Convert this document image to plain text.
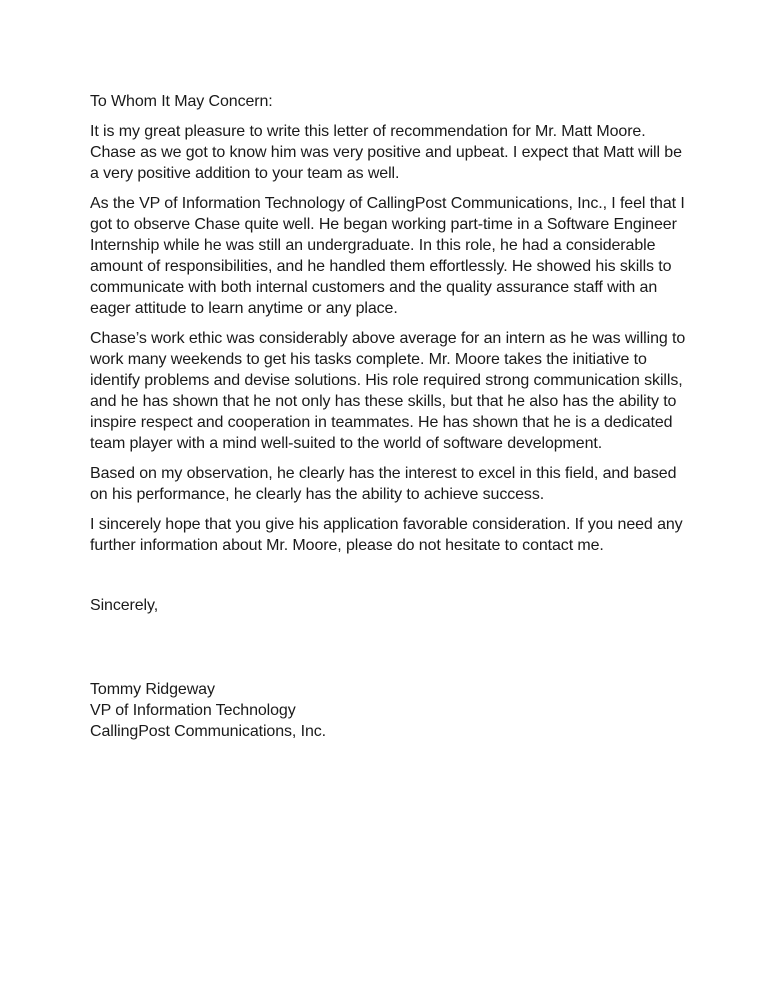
To Whom It May Concern:

It is my great pleasure to write this letter of recommendation for Mr. Matt Moore. Chase as we got to know him was very positive and upbeat. I expect that Matt will be a very positive addition to your team as well.

As the VP of Information Technology of CallingPost Communications, Inc., I feel that I got to observe Chase quite well. He began working part-time in a Software Engineer Internship while he was still an undergraduate. In this role, he had a considerable amount of responsibilities, and he handled them effortlessly. He showed his skills to communicate with both internal customers and the quality assurance staff with an eager attitude to learn anytime or any place.

Chase’s work ethic was considerably above average for an intern as he was willing to work many weekends to get his tasks complete. Mr. Moore takes the initiative to identify problems and devise solutions. His role required strong communication skills, and he has shown that he not only has these skills, but that he also has the ability to inspire respect and cooperation in teammates. He has shown that he is a dedicated team player with a mind well-suited to the world of software development.

Based on my observation, he clearly has the interest to excel in this field, and based on his performance, he clearly has the ability to achieve success.

I sincerely hope that you give his application favorable consideration. If you need any further information about Mr. Moore, please do not hesitate to contact me.

Sincerely,

Tommy Ridgeway
VP of Information Technology
CallingPost Communications, Inc.
